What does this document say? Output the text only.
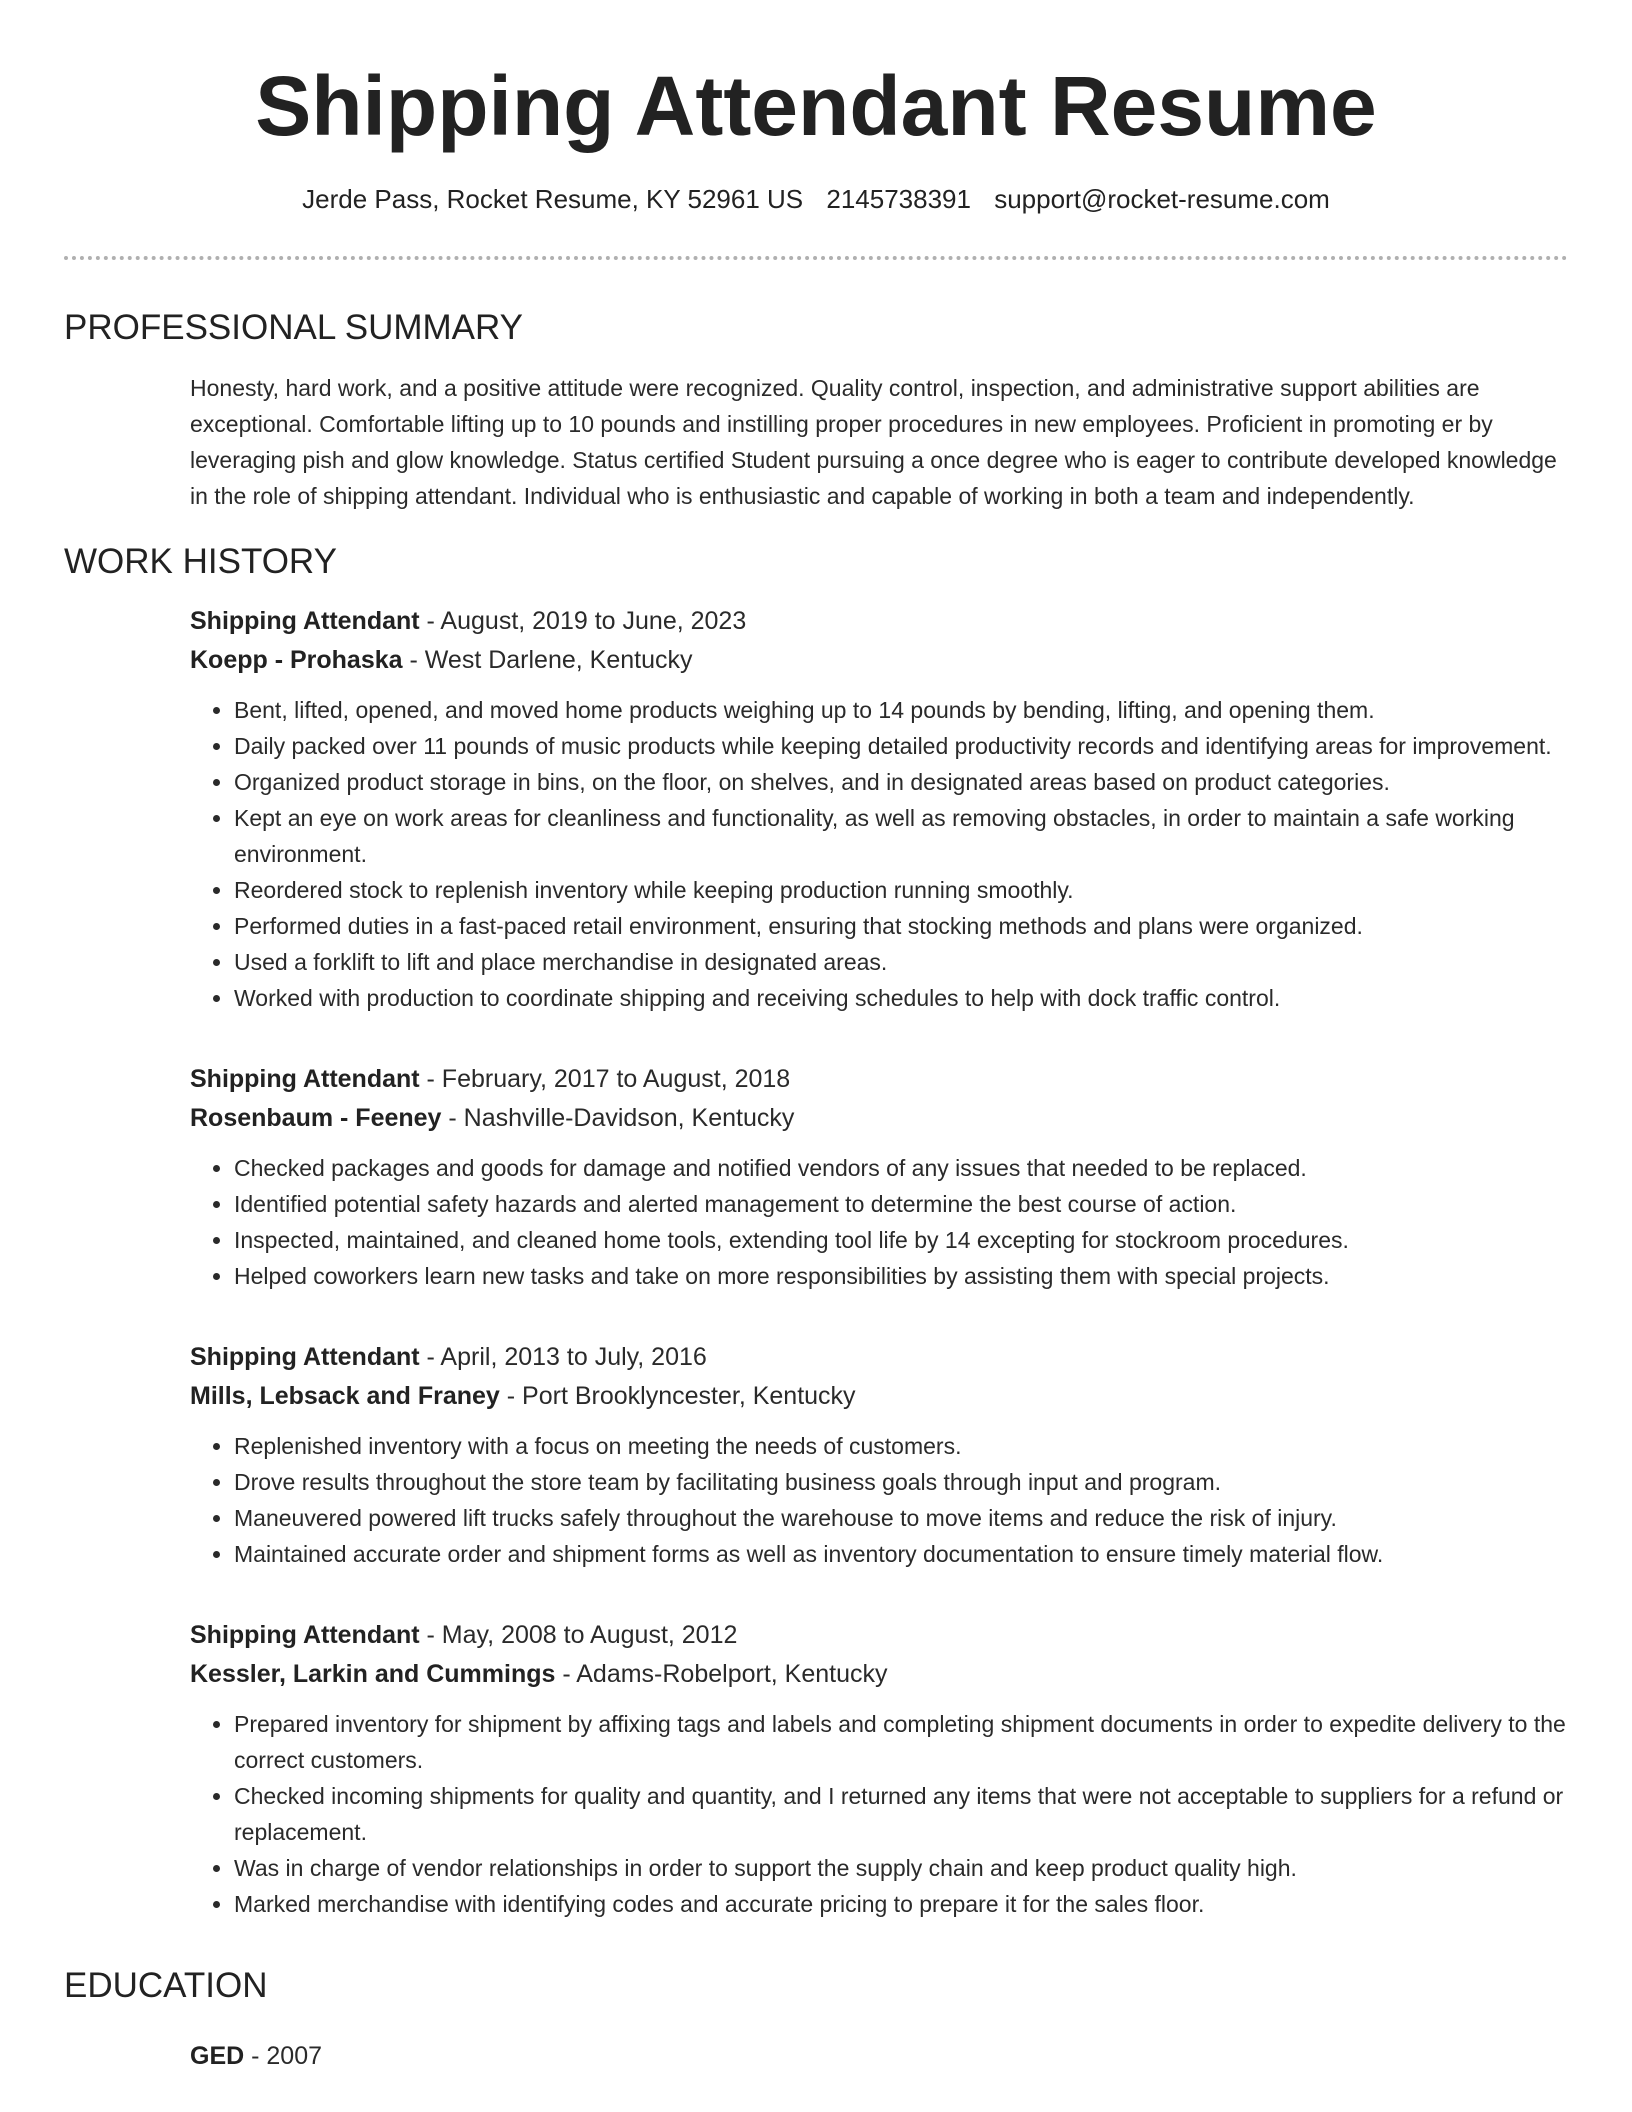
Shipping Attendant Resume
Jerde Pass, Rocket Resume, KY 52961 US 2145738391 support@rocket-resume.com
PROFESSIONAL SUMMARY

Honesty, hard work, and a positive attitude were recognized. Quality control, inspection, and administrative support abilities are exceptional. Comfortable lifting up to 10 pounds and instilling proper procedures in new employees. Proficient in promoting er by leveraging pish and glow knowledge. Status certified Student pursuing a once degree who is eager to contribute developed knowledge in the role of shipping attendant. Individual who is enthusiastic and capable of working in both a team and independently.

WORK HISTORY
Shipping Attendant - August, 2019 to June, 2023
Koepp - Prohaska - West Darlene, Kentucky
• Bent, lifted, opened, and moved home products weighing up to 14 pounds by bending, lifting, and opening them.
• Daily packed over 11 pounds of music products while keeping detailed productivity records and identifying areas for improvement.
• Organized product storage in bins, on the floor, on shelves, and in designated areas based on product categories.
• Kept an eye on work areas for cleanliness and functionality, as well as removing obstacles, in order to maintain a safe working environment.
• Reordered stock to replenish inventory while keeping production running smoothly.
• Performed duties in a fast-paced retail environment, ensuring that stocking methods and plans were organized.
• Used a forklift to lift and place merchandise in designated areas.
• Worked with production to coordinate shipping and receiving schedules to help with dock traffic control.
Shipping Attendant - February, 2017 to August, 2018
Rosenbaum - Feeney - Nashville-Davidson, Kentucky
• Checked packages and goods for damage and notified vendors of any issues that needed to be replaced.
• Identified potential safety hazards and alerted management to determine the best course of action.
• Inspected, maintained, and cleaned home tools, extending tool life by 14 excepting for stockroom procedures.
• Helped coworkers learn new tasks and take on more responsibilities by assisting them with special projects.
Shipping Attendant - April, 2013 to July, 2016
Mills, Lebsack and Franey - Port Brooklyncester, Kentucky
• Replenished inventory with a focus on meeting the needs of customers.
• Drove results throughout the store team by facilitating business goals through input and program.
• Maneuvered powered lift trucks safely throughout the warehouse to move items and reduce the risk of injury.
• Maintained accurate order and shipment forms as well as inventory documentation to ensure timely material flow.
Shipping Attendant - May, 2008 to August, 2012
Kessler, Larkin and Cummings - Adams-Robelport, Kentucky
• Prepared inventory for shipment by affixing tags and labels and completing shipment documents in order to expedite delivery to the correct customers.
• Checked incoming shipments for quality and quantity, and I returned any items that were not acceptable to suppliers for a refund or replacement.
• Was in charge of vendor relationships in order to support the supply chain and keep product quality high.
• Marked merchandise with identifying codes and accurate pricing to prepare it for the sales floor.
EDUCATION
GED - 2007
